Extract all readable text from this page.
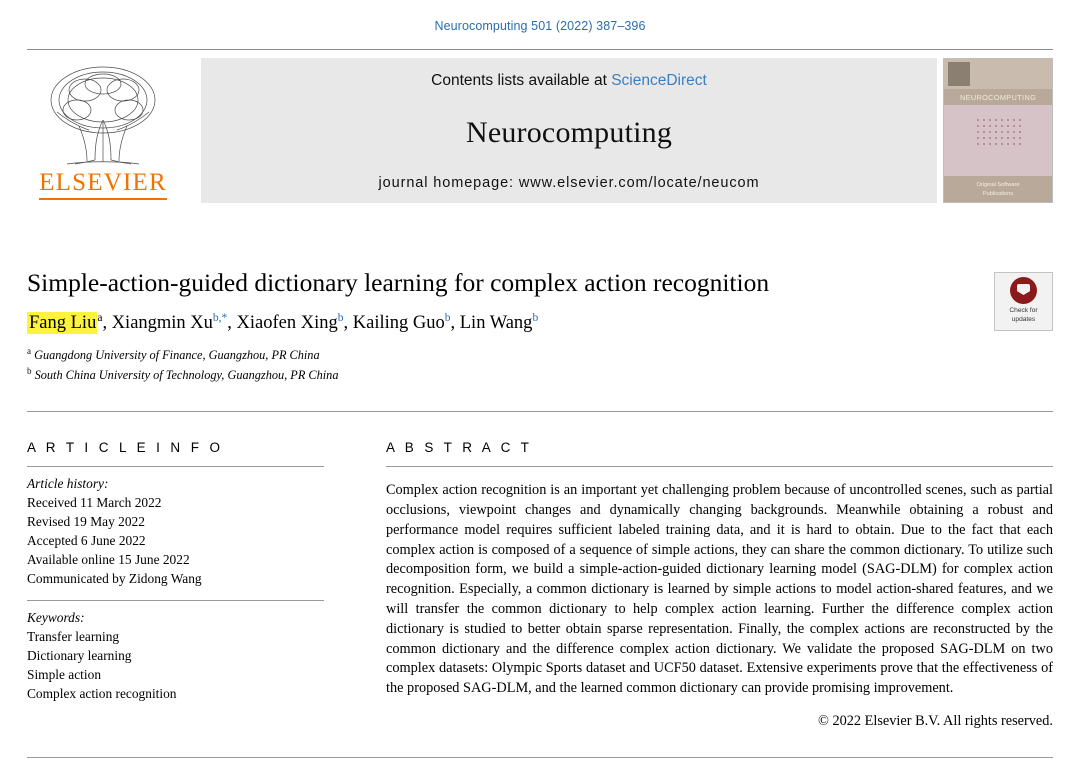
Neurocomputing 501 (2022) 387–396
ELSEVIER
Contents lists available at ScienceDirect
Neurocomputing
journal homepage: www.elsevier.com/locate/neucom
NEUROCOMPUTING
Original Software
Publications
Simple-action-guided dictionary learning for complex action recognition
Fang Liu$^a$, Xiangmin Xu$^{b,*}$, Xiaofen Xing$^b$, Kailing Guo$^b$, Lin Wang$^b$
$^a$ Guangdong University of Finance, Guangzhou, PR China
$^b$ South China University of Technology, Guangzhou, PR China
Check for
updates
A R T I C L E I N F O
Article history:
Received 11 March 2022
Revised 19 May 2022
Accepted 6 June 2022
Available online 15 June 2022
Communicated by Zidong Wang
Keywords:
Transfer learning
Dictionary learning
Simple action
Complex action recognition
A B S T R A C T

Complex action recognition is an important yet challenging problem because of uncontrolled scenes, such as partial occlusions, viewpoint changes and dynamically changing backgrounds. Meanwhile obtaining a robust and performance model requires sufficient labeled training data, and it is hard to obtain. Due to the fact that each complex action is composed of a sequence of simple actions, they can share the common dictionary. To utilize such decomposition form, we build a simple-action-guided dictionary learning model (SAG-DLM) for complex action recognition. Especially, a common dictionary is learned by simple actions to model action-shared features, and we will transfer the common dictionary to help complex action learning. Further the difference complex action dictionary is studied to better obtain sparse representation. Finally, the complex actions are reconstructed by the common dictionary and the difference complex action dictionary. We validate the proposed SAG-DLM on two complex datasets: Olympic Sports dataset and UCF50 dataset. Extensive experiments prove that the effectiveness of the proposed SAG-DLM, and the learned common dictionary can provide promising improvement.

© 2022 Elsevier B.V. All rights reserved.
